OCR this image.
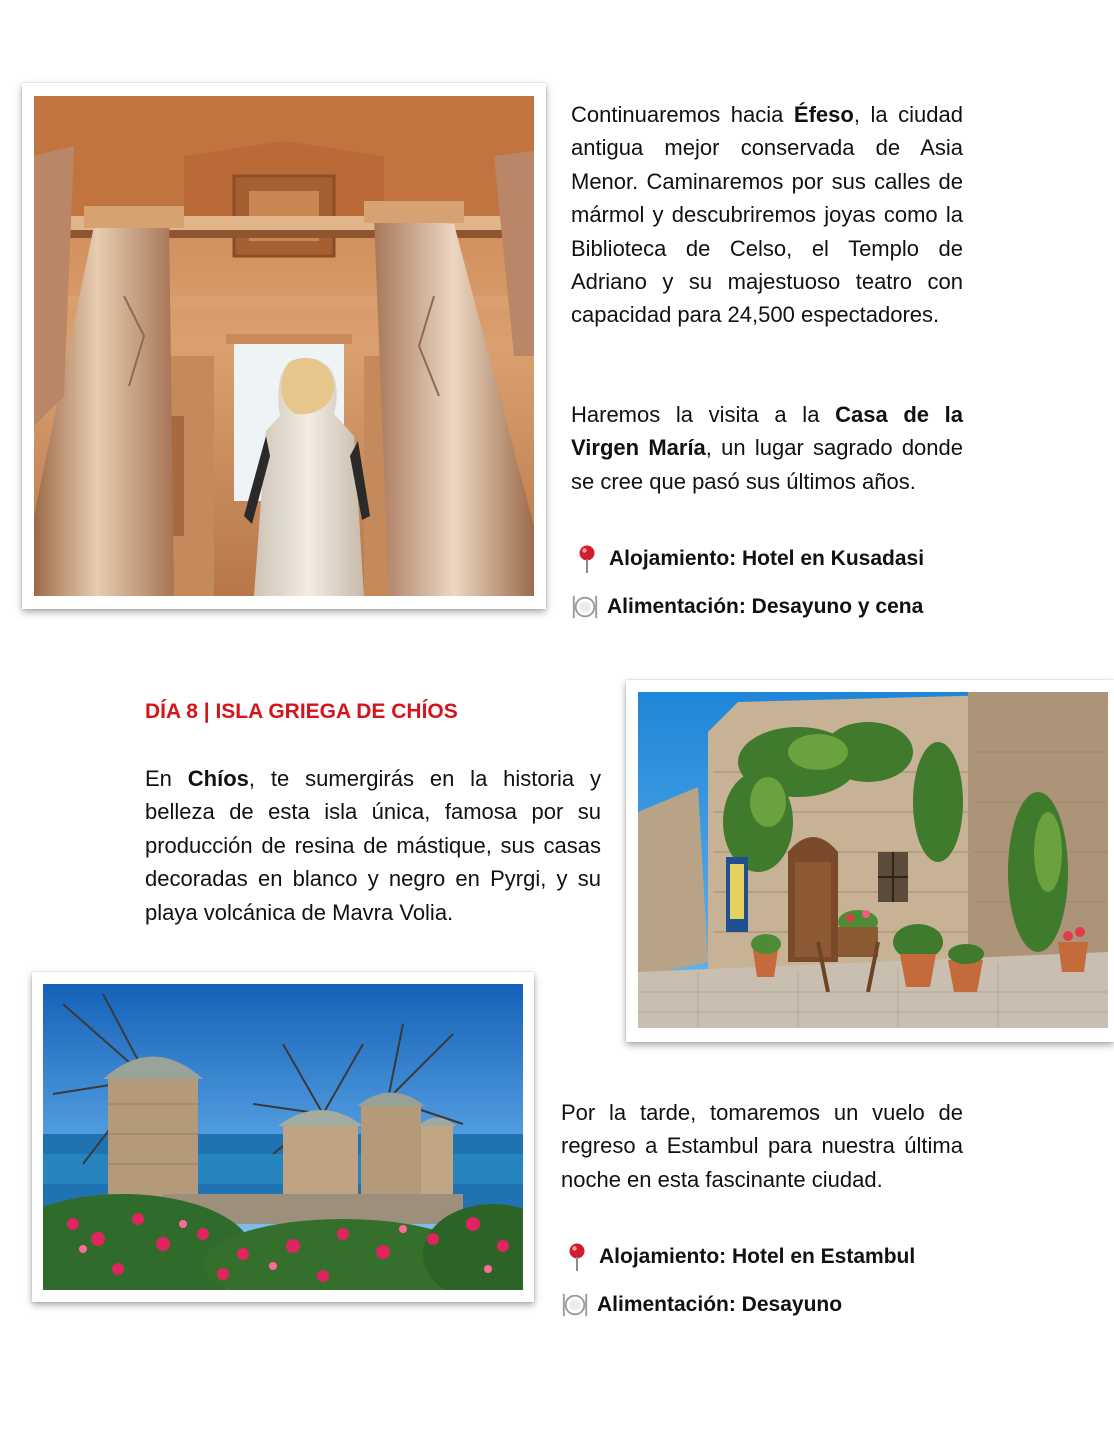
Continuaremos hacia Éfeso, la ciudad antigua mejor conservada de Asia Menor. Caminaremos por sus calles de mármol y descubriremos joyas como la Biblioteca de Celso, el Templo de Adriano y su majestuoso teatro con capacidad para 24,500 espectadores.

Haremos la visita a la Casa de la Virgen María, un lugar sagrado donde se cree que pasó sus últimos años.

Alojamiento: Hotel en Kusadasi
Alimentación: Desayuno y cena
DÍA 8 | ISLA GRIEGA DE CHÍOS

En Chíos, te sumergirás en la historia y belleza de esta isla única, famosa por su producción de resina de mástique, sus casas decoradas en blanco y negro en Pyrgi, y su playa volcánica de Mavra Volia.

Por la tarde, tomaremos un vuelo de regreso a Estambul para nuestra última noche en esta fascinante ciudad.

Alojamiento: Hotel en Estambul
Alimentación: Desayuno
